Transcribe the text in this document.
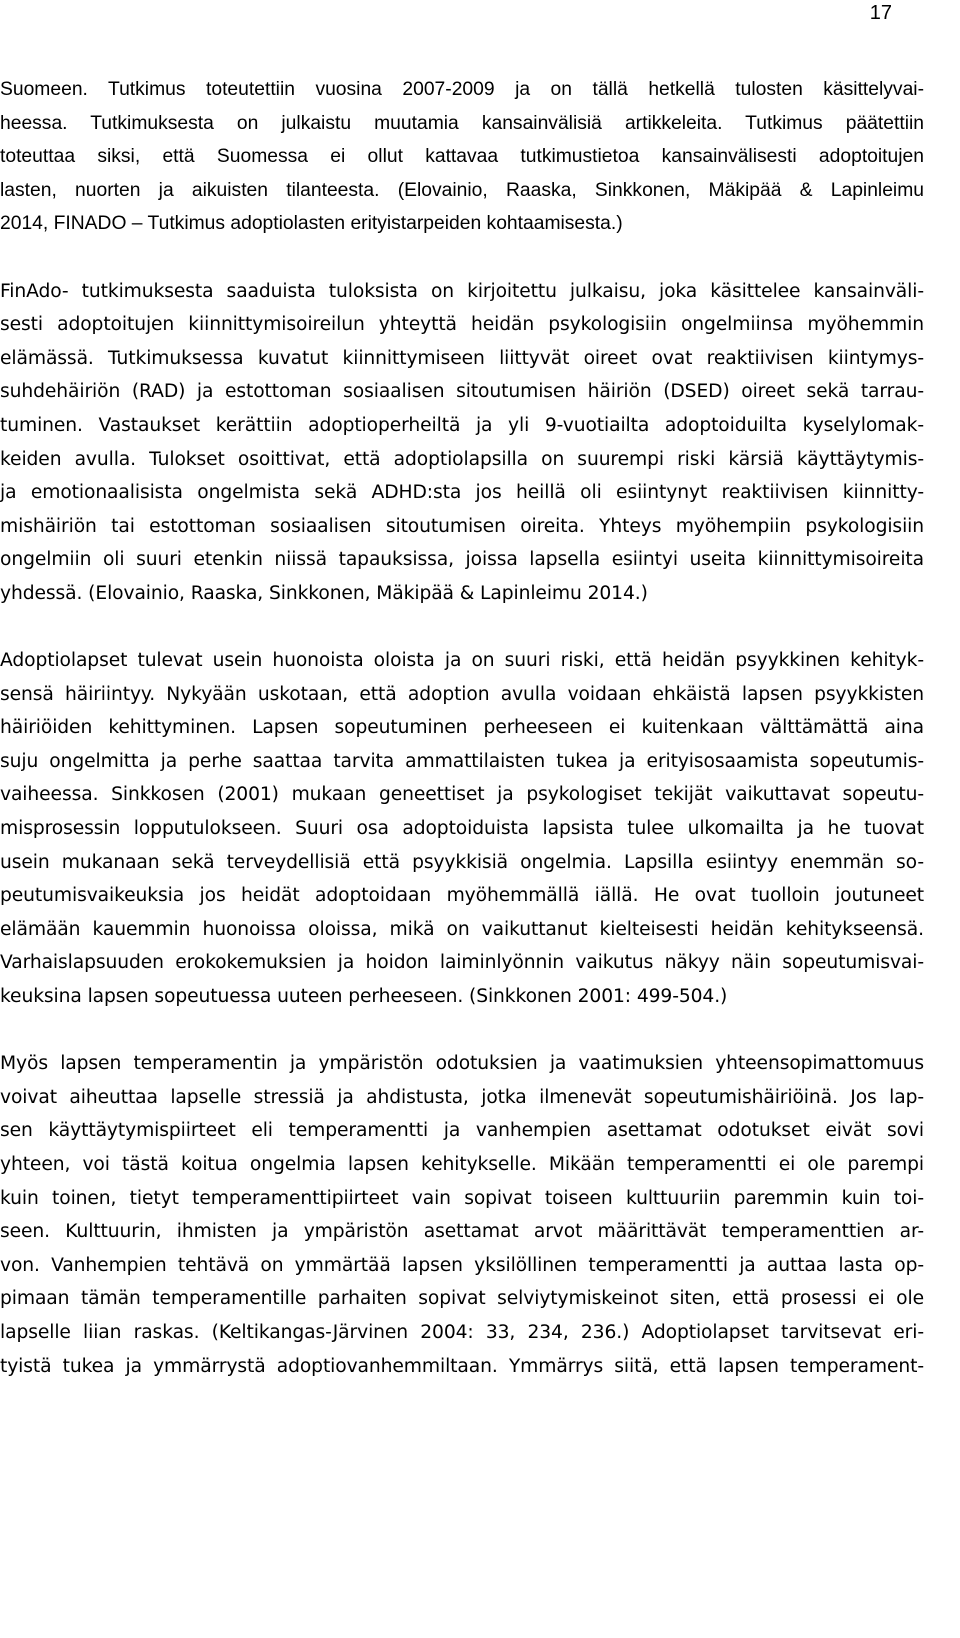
17

Suomeen. Tutkimus toteutettiin vuosina 2007-2009 ja on tällä hetkellä tulosten käsittelyvai-
heessa. Tutkimuksesta on julkaistu muutamia kansainvälisiä artikkeleita. Tutkimus päätettiin
toteuttaa siksi, että Suomessa ei ollut kattavaa tutkimustietoa kansainvälisesti adoptoitujen
lasten, nuorten ja aikuisten tilanteesta. (Elovainio, Raaska, Sinkkonen, Mäkipää & Lapinleimu
2014, FINADO – Tutkimus adoptiolasten erityistarpeiden kohtaamisesta.)

FinAdo- tutkimuksesta saaduista tuloksista on kirjoitettu julkaisu, joka käsittelee kansainväli-
sesti adoptoitujen kiinnittymisoireilun yhteyttä heidän psykologisiin ongelmiinsa myöhemmin
elämässä. Tutkimuksessa kuvatut kiinnittymiseen liittyvät oireet ovat reaktiivisen kiintymys-
suhdehäiriön (RAD) ja estottoman sosiaalisen sitoutumisen häiriön (DSED) oireet sekä tarrau-
tuminen. Vastaukset kerättiin adoptioperheiltä ja yli 9-vuotiailta adoptoiduilta kyselylomak-
keiden avulla. Tulokset osoittivat, että adoptiolapsilla on suurempi riski kärsiä käyttäytymis-
ja emotionaalisista ongelmista sekä ADHD:sta jos heillä oli esiintynyt reaktiivisen kiinnitty-
mishäiriön tai estottoman sosiaalisen sitoutumisen oireita. Yhteys myöhempiin psykologisiin
ongelmiin oli suuri etenkin niissä tapauksissa, joissa lapsella esiintyi useita kiinnittymisoireita
yhdessä. (Elovainio, Raaska, Sinkkonen, Mäkipää & Lapinleimu 2014.)

Adoptiolapset tulevat usein huonoista oloista ja on suuri riski, että heidän psyykkinen kehityk-
sensä häiriintyy. Nykyään uskotaan, että adoption avulla voidaan ehkäistä lapsen psyykkisten
häiriöiden kehittyminen. Lapsen sopeutuminen perheeseen ei kuitenkaan välttämättä aina
suju ongelmitta ja perhe saattaa tarvita ammattilaisten tukea ja erityisosaamista sopeutumis-
vaiheessa. Sinkkosen (2001) mukaan geneettiset ja psykologiset tekijät vaikuttavat sopeutu-
misprosessin lopputulokseen. Suuri osa adoptoiduista lapsista tulee ulkomailta ja he tuovat
usein mukanaan sekä terveydellisiä että psyykkisiä ongelmia. Lapsilla esiintyy enemmän so-
peutumisvaikeuksia jos heidät adoptoidaan myöhemmällä iällä. He ovat tuolloin joutuneet
elämään kauemmin huonoissa oloissa, mikä on vaikuttanut kielteisesti heidän kehitykseensä.
Varhaislapsuuden erokokemuksien ja hoidon laiminlyönnin vaikutus näkyy näin sopeutumisvai-
keuksina lapsen sopeutuessa uuteen perheeseen. (Sinkkonen 2001: 499-504.)

Myös lapsen temperamentin ja ympäristön odotuksien ja vaatimuksien yhteensopimattomuus
voivat aiheuttaa lapselle stressiä ja ahdistusta, jotka ilmenevät sopeutumishäiriöinä. Jos lap-
sen käyttäytymispiirteet eli temperamentti ja vanhempien asettamat odotukset eivät sovi
yhteen, voi tästä koitua ongelmia lapsen kehitykselle. Mikään temperamentti ei ole parempi
kuin toinen, tietyt temperamenttipiirteet vain sopivat toiseen kulttuuriin paremmin kuin toi-
seen. Kulttuurin, ihmisten ja ympäristön asettamat arvot määrittävät temperamenttien ar-
von. Vanhempien tehtävä on ymmärtää lapsen yksilöllinen temperamentti ja auttaa lasta op-
pimaan tämän temperamentille parhaiten sopivat selviytymiskeinot siten, että prosessi ei ole
lapselle liian raskas. (Keltikangas-Järvinen 2004: 33, 234, 236.) Adoptiolapset tarvitsevat eri-
tyistä tukea ja ymmärrystä adoptiovanhemmiltaan. Ymmärrys siitä, että lapsen temperament-
